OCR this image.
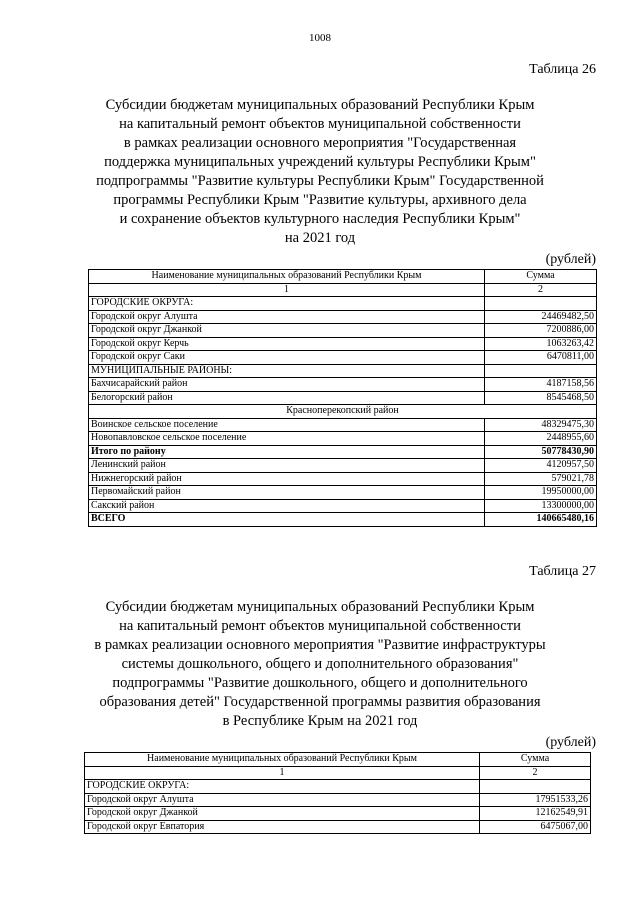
1008
Таблица 26
Субсидии бюджетам муниципальных образований Республики Крым
на капитальный ремонт объектов муниципальной собственности
в рамках реализации основного мероприятия "Государственная
поддержка муниципальных учреждений культуры Республики Крым"
подпрограммы "Развитие культуры Республики Крым" Государственной
программы Республики Крым "Развитие культуры, архивного дела
и сохранение объектов культурного наследия Республики Крым"
на 2021 год
(рублей)
Наименование муниципальных образований Республики Крым	Сумма
1	2
ГОРОДСКИЕ ОКРУГА:	
Городской округ Алушта	24469482,50
Городской округ Джанкой	7200886,00
Городской округ Керчь	1063263,42
Городской округ Саки	6470811,00
МУНИЦИПАЛЬНЫЕ РАЙОНЫ:	
Бахчисарайский район	4187158,56
Белогорский район	8545468,50
Красноперекопский район	
Воинское сельское поселение	48329475,30
Новопавловское сельское поселение	2448955,60
Итого по району	50778430,90
Ленинский район	4120957,50
Нижнегорский район	579021,78
Первомайский район	19950000,00
Сакский район	13300000,00
ВСЕГО	140665480,16
Таблица 27
Субсидии бюджетам муниципальных образований Республики Крым
на капитальный ремонт объектов муниципальной собственности
в рамках реализации основного мероприятия "Развитие инфраструктуры
системы дошкольного, общего и дополнительного образования"
подпрограммы "Развитие дошкольного, общего и дополнительного
образования детей" Государственной программы развития образования
в Республике Крым на 2021 год
(рублей)
Наименование муниципальных образований Республики Крым	Сумма
1	2
ГОРОДСКИЕ ОКРУГА:	
Городской округ Алушта	17951533,26
Городской округ Джанкой	12162549,91
Городской округ Евпатория	6475067,00
